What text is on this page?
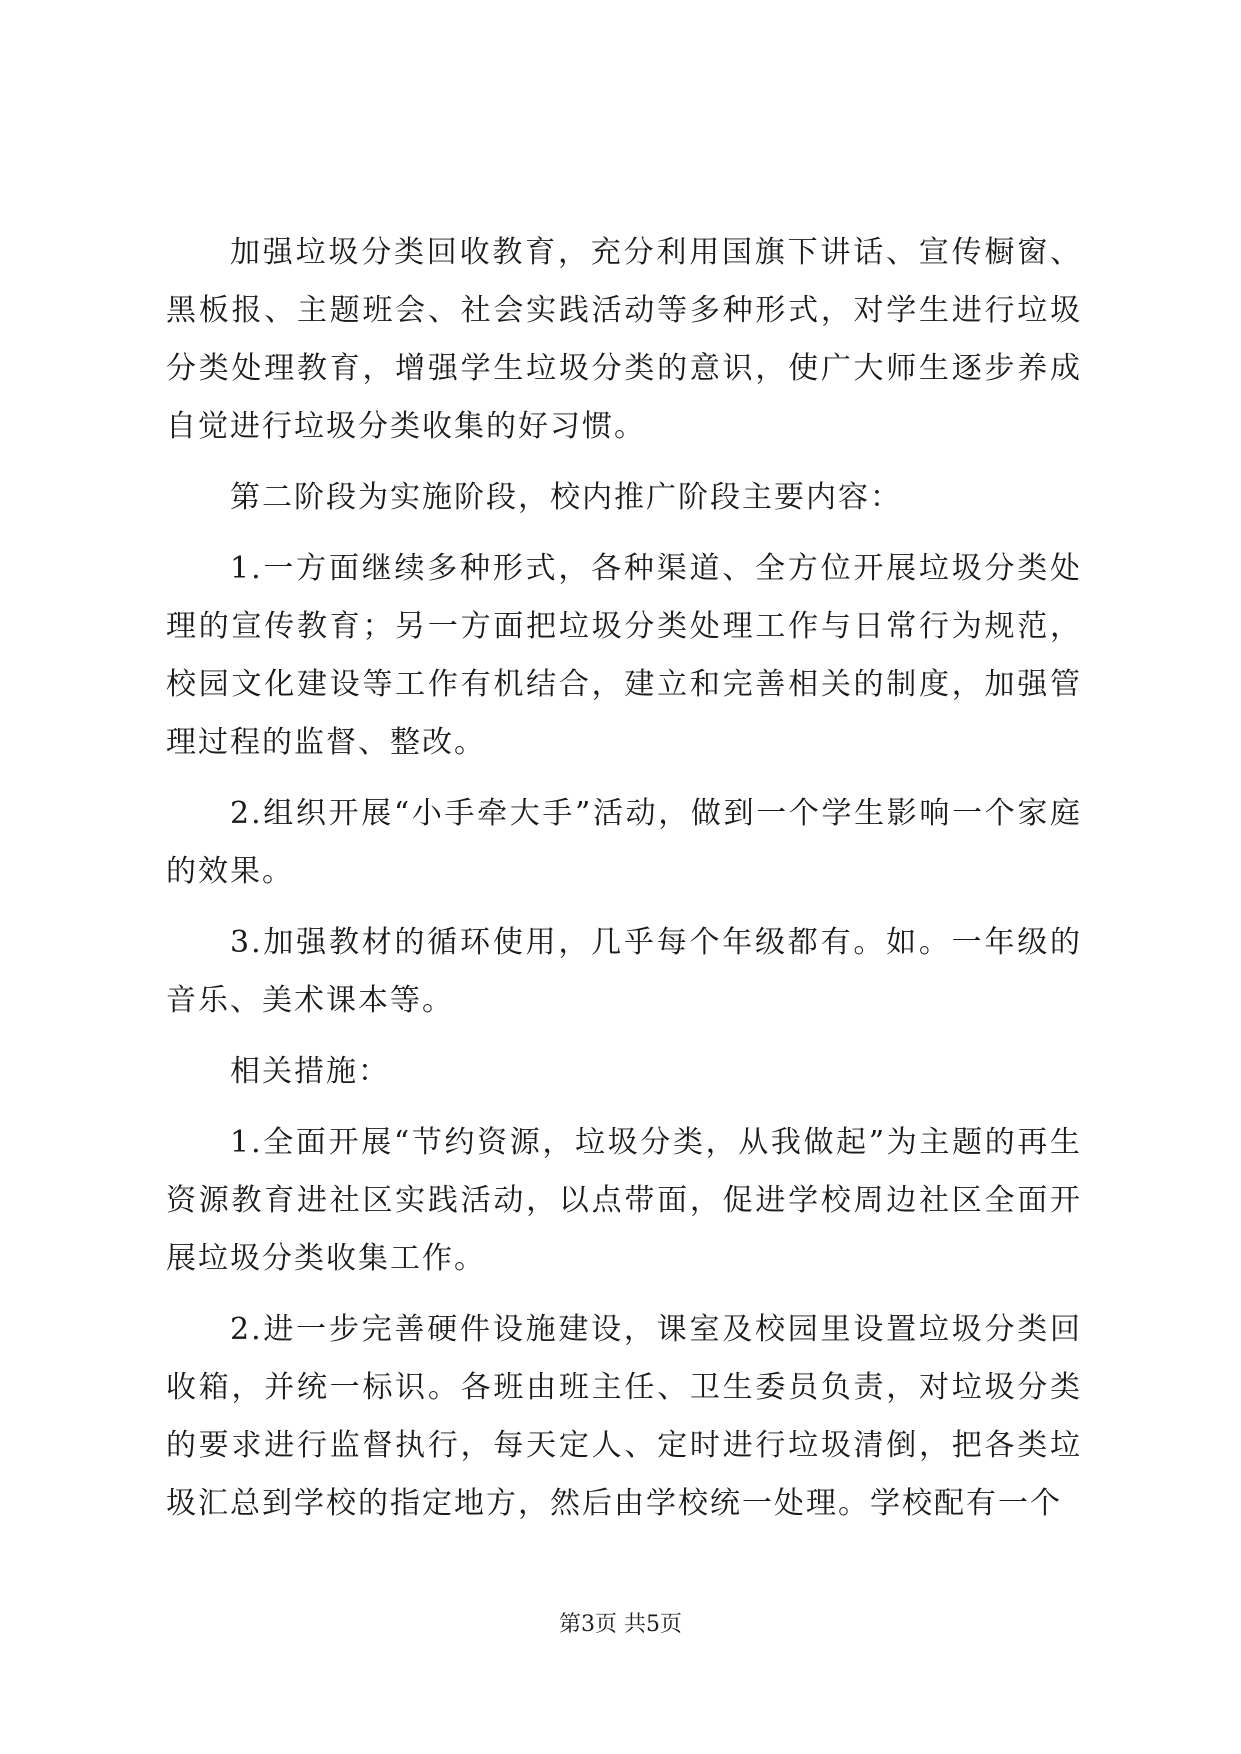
加强垃圾分类回收教育，充分利用国旗下讲话、宣传橱窗、黑板报、主题班会、社会实践活动等多种形式，对学生进行垃圾分类处理教育，增强学生垃圾分类的意识，使广大师生逐步养成自觉进行垃圾分类收集的好习惯。

第二阶段为实施阶段，校内推广阶段主要内容：

1.一方面继续多种形式，各种渠道、全方位开展垃圾分类处理的宣传教育；另一方面把垃圾分类处理工作与日常行为规范，校园文化建设等工作有机结合，建立和完善相关的制度，加强管理过程的监督、整改。

2.组织开展“小手牵大手”活动，做到一个学生影响一个家庭的效果。

3.加强教材的循环使用，几乎每个年级都有。如。一年级的音乐、美术课本等。

相关措施：

1.全面开展“节约资源，垃圾分类，从我做起”为主题的再生资源教育进社区实践活动，以点带面，促进学校周边社区全面开展垃圾分类收集工作。

2.进一步完善硬件设施建设，课室及校园里设置垃圾分类回收箱，并统一标识。各班由班主任、卫生委员负责，对垃圾分类的要求进行监督执行，每天定人、定时进行垃圾清倒，把各类垃圾汇总到学校的指定地方，然后由学校统一处理。学校配有一个

第3页 共5页
